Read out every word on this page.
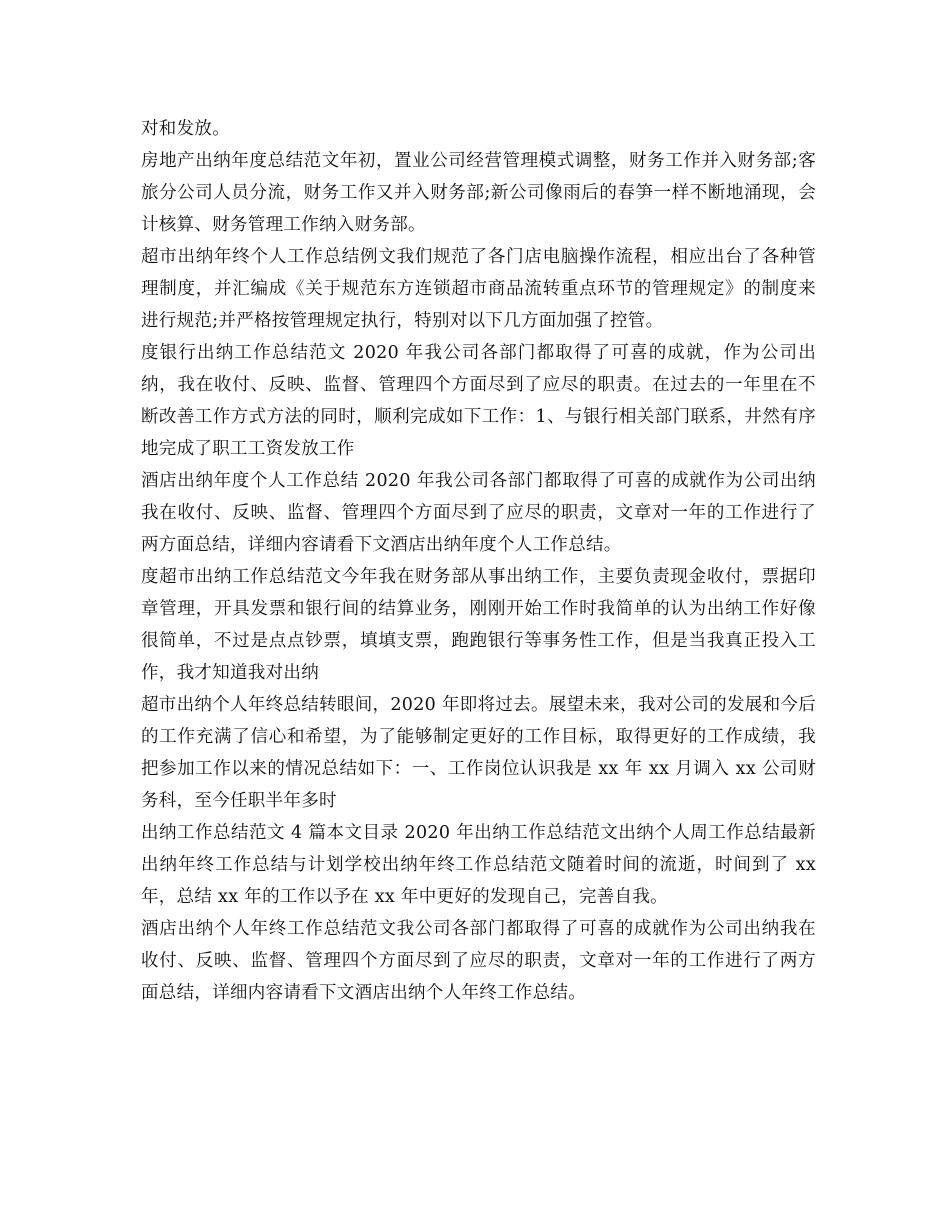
对和发放。

房地产出纳年度总结范文年初，置业公司经营管理模式调整，财务工作并入财务部;客旅分公司人员分流，财务工作又并入财务部;新公司像雨后的春笋一样不断地涌现，会计核算、财务管理工作纳入财务部。

超市出纳年终个人工作总结例文我们规范了各门店电脑操作流程，相应出台了各种管理制度，并汇编成《关于规范东方连锁超市商品流转重点环节的管理规定》的制度来进行规范;并严格按管理规定执行，特别对以下几方面加强了控管。

度银行出纳工作总结范文 2020 年我公司各部门都取得了可喜的成就，作为公司出纳，我在收付、反映、监督、管理四个方面尽到了应尽的职责。在过去的一年里在不断改善工作方式方法的同时，顺利完成如下工作：1、与银行相关部门联系，井然有序地完成了职工工资发放工作

酒店出纳年度个人工作总结 2020 年我公司各部门都取得了可喜的成就作为公司出纳我在收付、反映、监督、管理四个方面尽到了应尽的职责，文章对一年的工作进行了两方面总结，详细内容请看下文酒店出纳年度个人工作总结。

度超市出纳工作总结范文今年我在财务部从事出纳工作，主要负责现金收付，票据印章管理，开具发票和银行间的结算业务，刚刚开始工作时我简单的认为出纳工作好像很简单，不过是点点钞票，填填支票，跑跑银行等事务性工作，但是当我真正投入工作，我才知道我对出纳

超市出纳个人年终总结转眼间，2020 年即将过去。展望未来，我对公司的发展和今后的工作充满了信心和希望，为了能够制定更好的工作目标，取得更好的工作成绩，我把参加工作以来的情况总结如下：一、工作岗位认识我是 xx 年 xx 月调入 xx 公司财务科，至今任职半年多时

出纳工作总结范文 4 篇本文目录 2020 年出纳工作总结范文出纳个人周工作总结最新出纳年终工作总结与计划学校出纳年终工作总结范文随着时间的流逝，时间到了 xx 年，总结 xx 年的工作以予在 xx 年中更好的发现自己，完善自我。

酒店出纳个人年终工作总结范文我公司各部门都取得了可喜的成就作为公司出纳我在收付、反映、监督、管理四个方面尽到了应尽的职责，文章对一年的工作进行了两方面总结，详细内容请看下文酒店出纳个人年终工作总结。
